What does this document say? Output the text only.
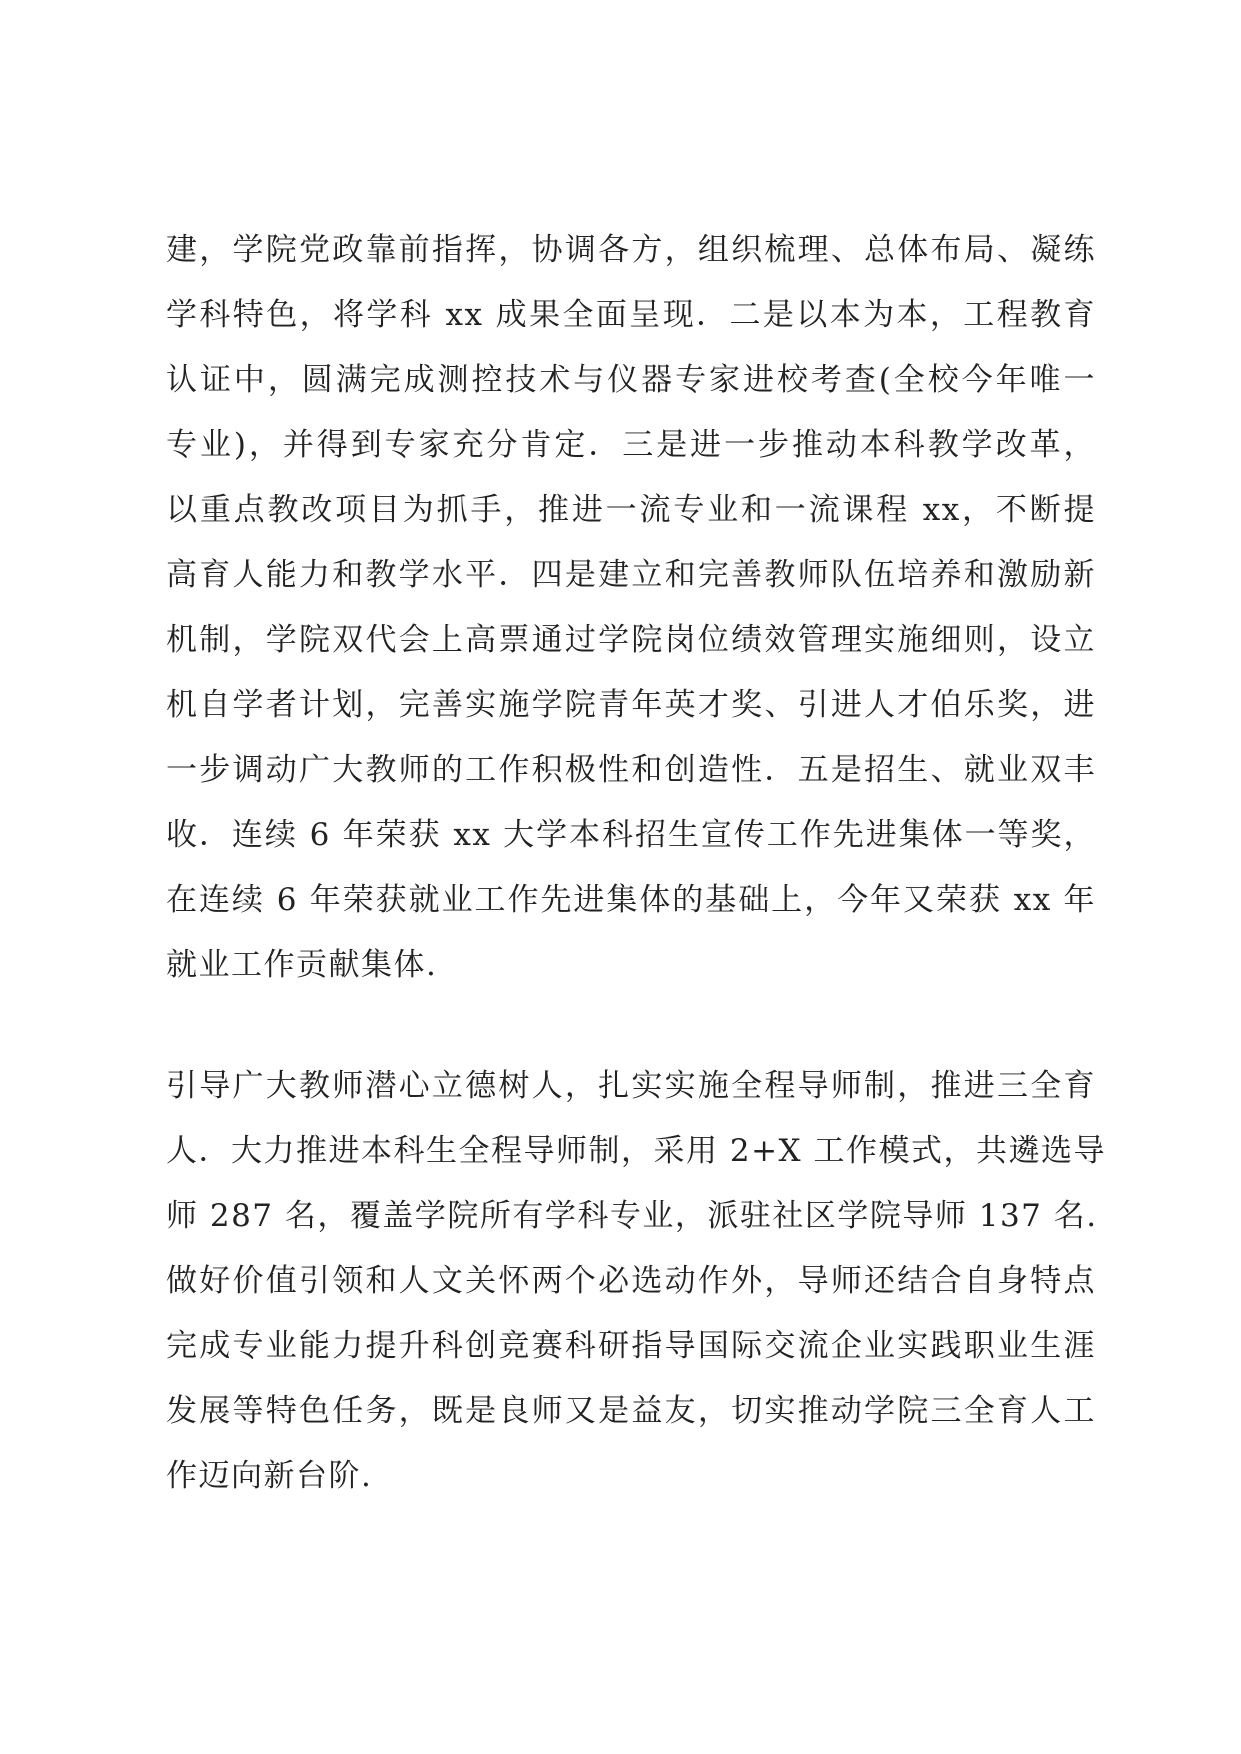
建，学院党政靠前指挥，协调各方，组织梳理、总体布局、凝练
学科特色，将学科 xx 成果全面呈现．二是以本为本，工程教育
认证中，圆满完成测控技术与仪器专家进校考查(全校今年唯一
专业)，并得到专家充分肯定．三是进一步推动本科教学改革，
以重点教改项目为抓手，推进一流专业和一流课程 xx，不断提
高育人能力和教学水平．四是建立和完善教师队伍培养和激励新
机制，学院双代会上高票通过学院岗位绩效管理实施细则，设立
机自学者计划，完善实施学院青年英才奖、引进人才伯乐奖，进
一步调动广大教师的工作积极性和创造性．五是招生、就业双丰
收．连续 6 年荣获 xx 大学本科招生宣传工作先进集体一等奖，
在连续 6 年荣获就业工作先进集体的基础上，今年又荣获 xx 年
就业工作贡献集体.

引导广大教师潜心立德树人，扎实实施全程导师制，推进三全育
人．大力推进本科生全程导师制，采用 2+X 工作模式，共遴选导
师 287 名，覆盖学院所有学科专业，派驻社区学院导师 137 名.
做好价值引领和人文关怀两个必选动作外，导师还结合自身特点
完成专业能力提升科创竞赛科研指导国际交流企业实践职业生涯
发展等特色任务，既是良师又是益友，切实推动学院三全育人工
作迈向新台阶.
